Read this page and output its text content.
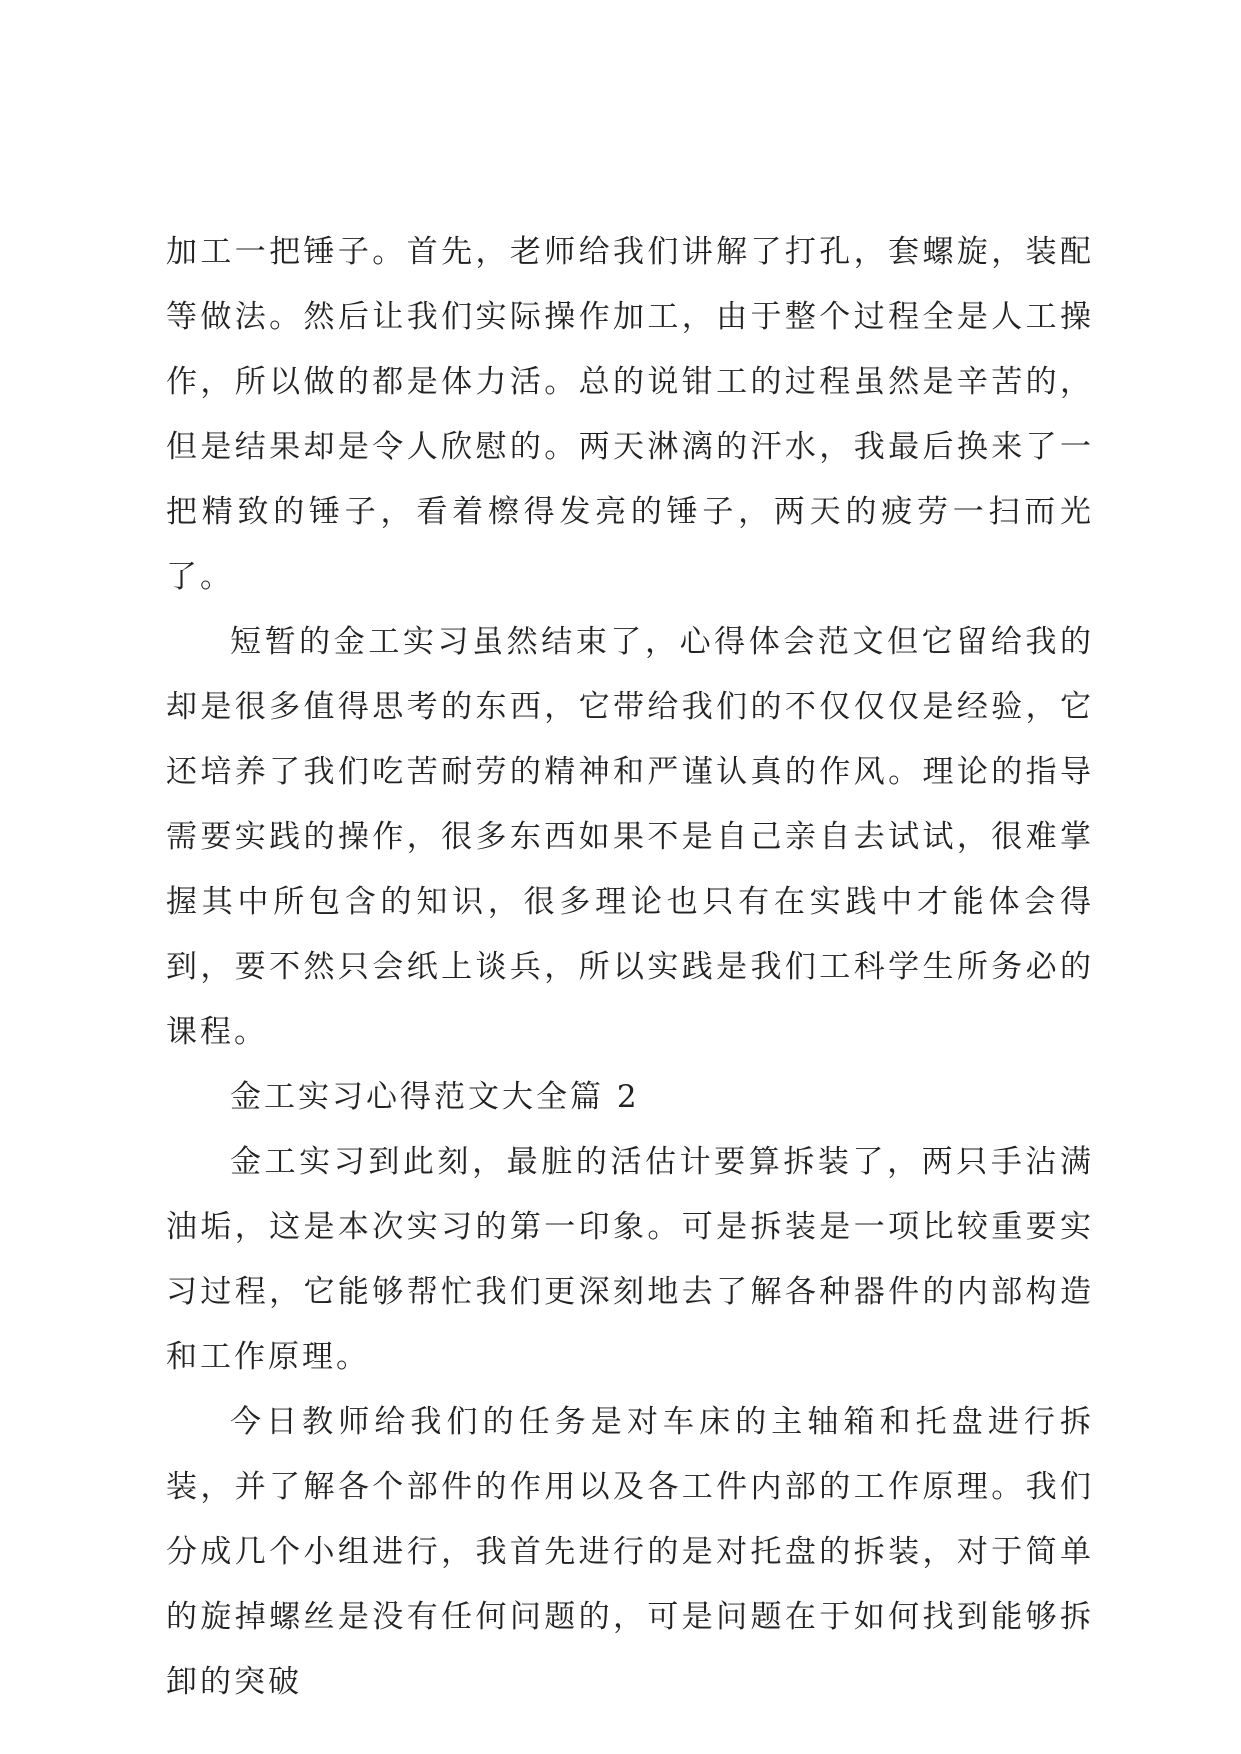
加工一把锤子。首先，老师给我们讲解了打孔，套螺旋，装配等做法。然后让我们实际操作加工，由于整个过程全是人工操作，所以做的都是体力活。总的说钳工的过程虽然是辛苦的，但是结果却是令人欣慰的。两天淋漓的汗水，我最后换来了一把精致的锤子，看着檫得发亮的锤子，两天的疲劳一扫而光了。

短暂的金工实习虽然结束了，心得体会范文但它留给我的却是很多值得思考的东西，它带给我们的不仅仅仅是经验，它还培养了我们吃苦耐劳的精神和严谨认真的作风。理论的指导需要实践的操作，很多东西如果不是自己亲自去试试，很难掌握其中所包含的知识，很多理论也只有在实践中才能体会得到，要不然只会纸上谈兵，所以实践是我们工科学生所务必的课程。

金工实习心得范文大全篇 2

金工实习到此刻，最脏的活估计要算拆装了，两只手沾满油垢，这是本次实习的第一印象。可是拆装是一项比较重要实习过程，它能够帮忙我们更深刻地去了解各种器件的内部构造和工作原理。

今日教师给我们的任务是对车床的主轴箱和托盘进行拆装，并了解各个部件的作用以及各工件内部的工作原理。我们分成几个小组进行，我首先进行的是对托盘的拆装，对于简单的旋掉螺丝是没有任何问题的，可是问题在于如何找到能够拆卸的突破
